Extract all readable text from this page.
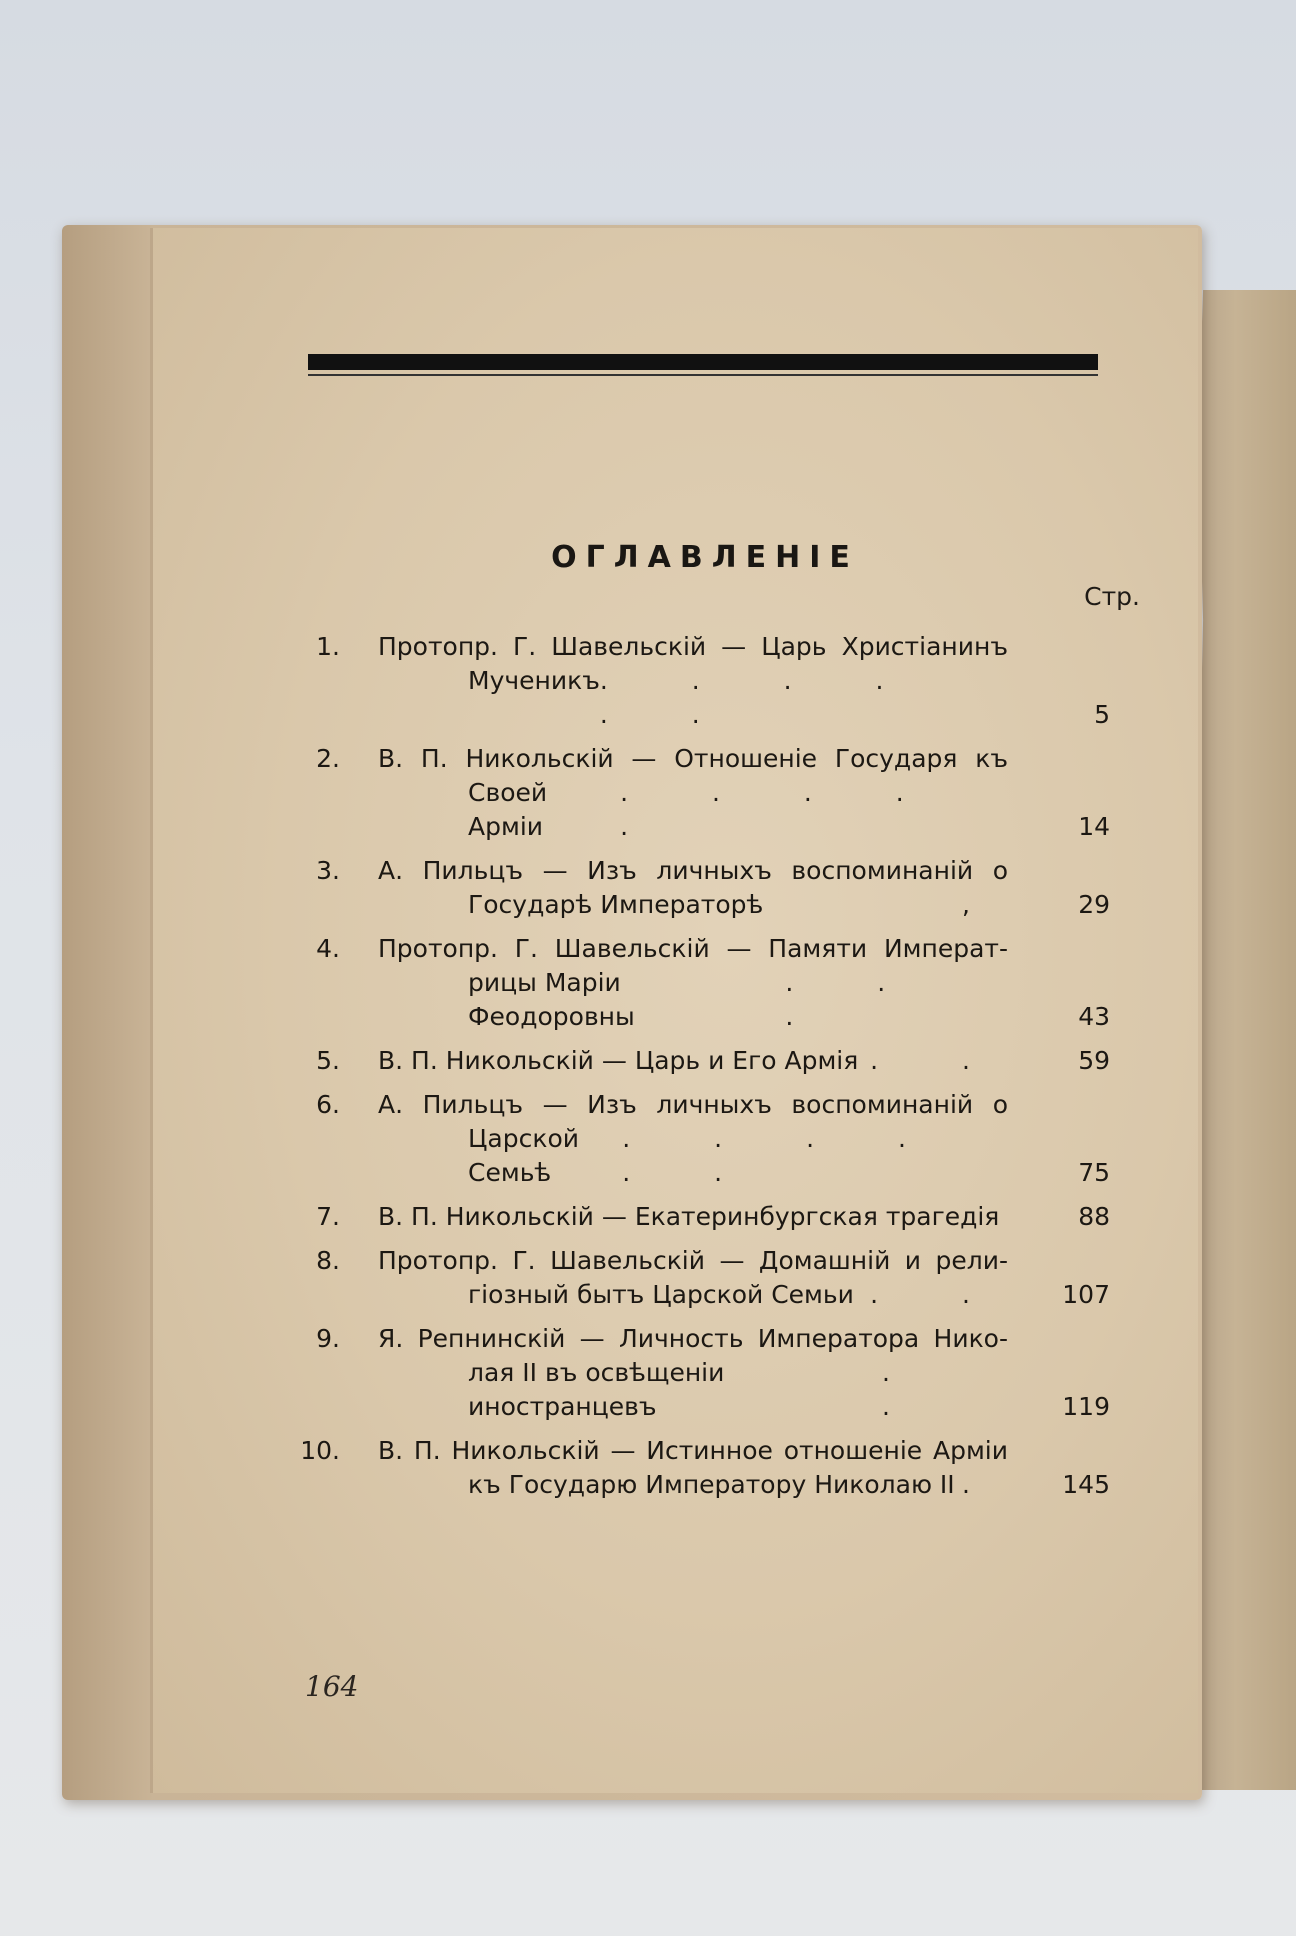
ОГЛАВЛЕНІЕ
Стр.
1. Протопр. Г. Шавельскій — Царь Христіанинъ
Мученикъ . . . . . .	5
2. В. П. Никольскій — Отношеніе Государя къ
Своей Арміи
. . . . .	14
3. А. Пильцъ — Изъ личныхъ воспоминаній о
Государѣ Императорѣ	,	29
4. Протопр. Г. Шавельскій — Памяти Императ-
рицы Маріи Феодоровны
. . .	43
5. В. П. Никольскій — Царь и Его Армія . .	59
6. А. Пильцъ — Изъ личныхъ воспоминаній о
Царской Семьѣ
. . . . . .	75
7. В. П. Никольскій — Екатеринбургская трагедія	88
8. Протопр. Г. Шавельскій — Домашній и рели-
гіозный бытъ Царской Семьи . .	107
9. Я. Репнинскій — Личность Императора Нико-
лая II въ освѣщеніи иностранцевъ
. .	119
10. В. П. Никольскій — Истинное отношеніе Арміи
къ Государю Императору Николаю II .	145
164
